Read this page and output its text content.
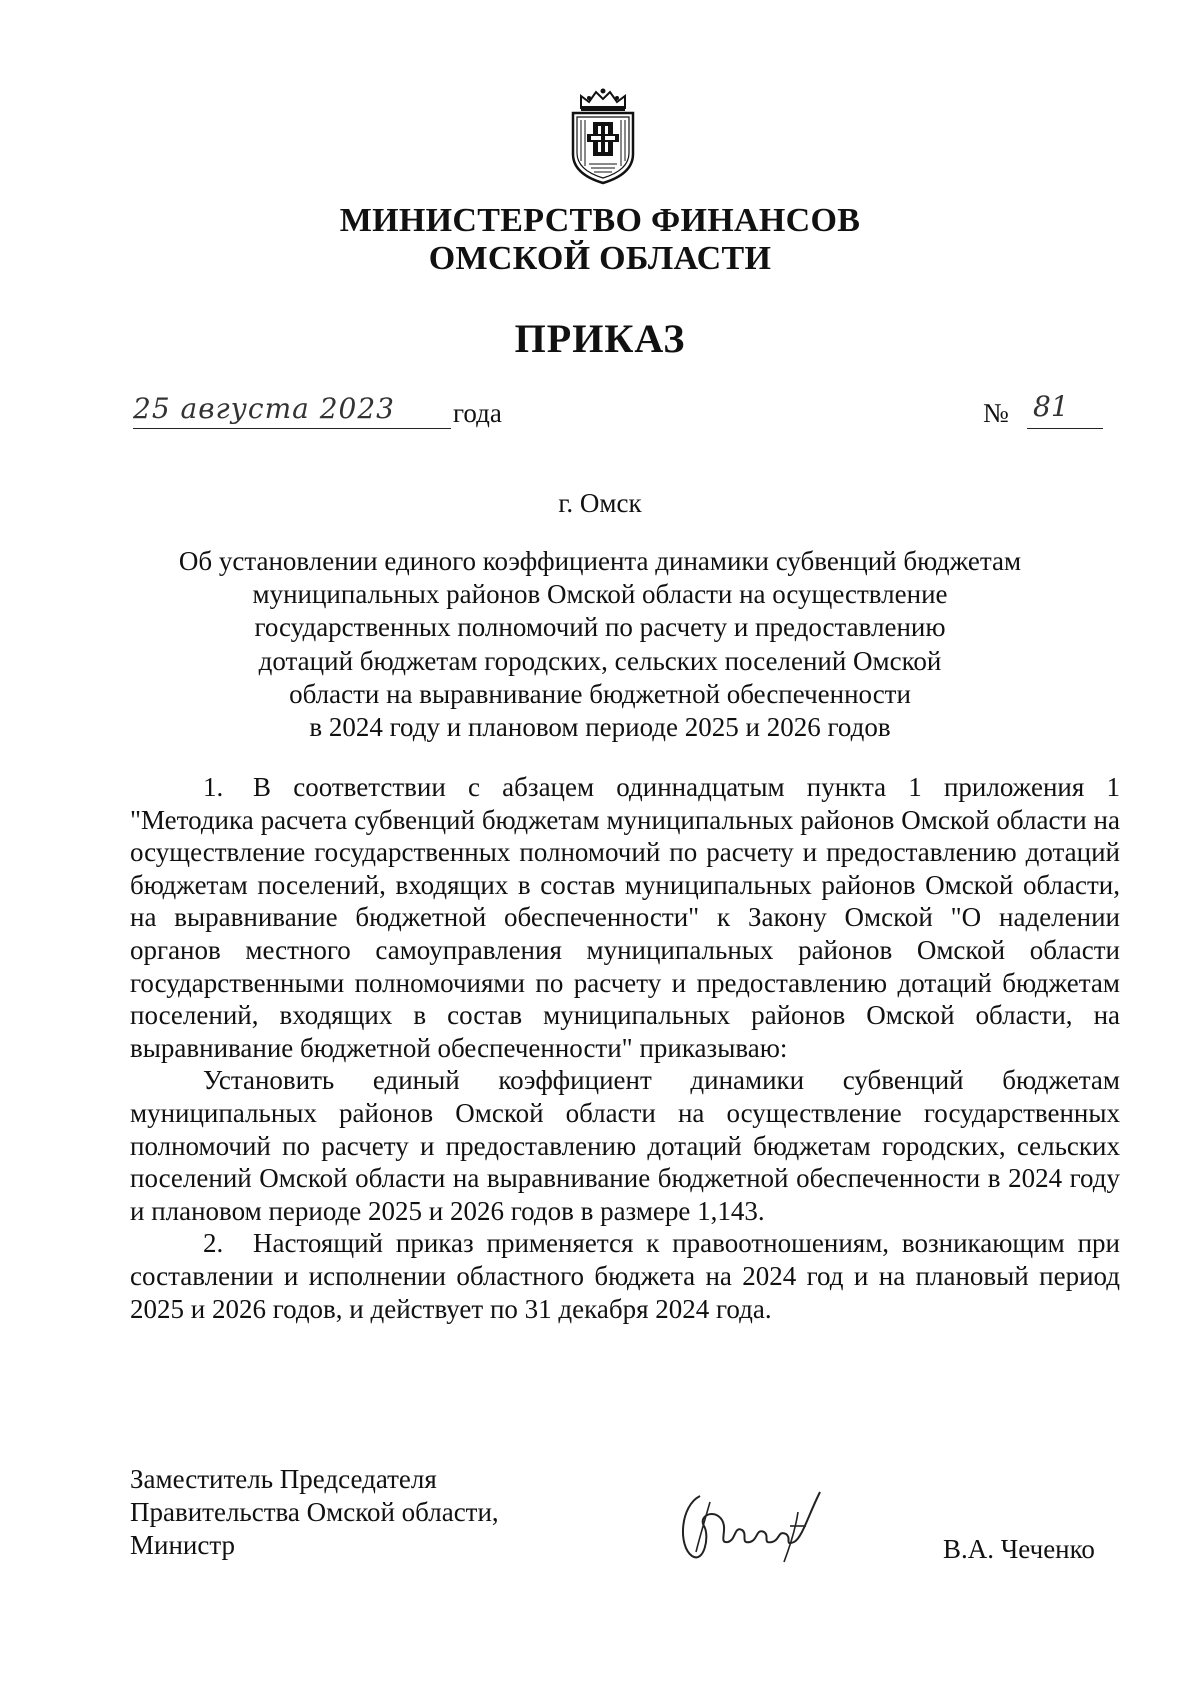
МИНИСТЕРСТВО ФИНАНСОВ
ОМСКОЙ ОБЛАСТИ
ПРИКАЗ
25 августа 2023 года	№ 81
г. Омск
Об установлении единого коэффициента динамики субвенций бюджетам
муниципальных районов Омской области на осуществление
государственных полномочий по расчету и предоставлению
дотаций бюджетам городских, сельских поселений Омской
области на выравнивание бюджетной обеспеченности
в 2024 году и плановом периоде 2025 и 2026 годов

1. В соответствии с абзацем одиннадцатым пункта 1 приложения 1 "Методика расчета субвенций бюджетам муниципальных районов Омской области на осуществление государственных полномочий по расчету и предоставлению дотаций бюджетам поселений, входящих в состав муниципальных районов Омской области, на выравнивание бюджетной обеспеченности" к Закону Омской "О наделении органов местного самоуправления муниципальных районов Омской области государственными полномочиями по расчету и предоставлению дотаций бюджетам поселений, входящих в состав муниципальных районов Омской области, на выравнивание бюджетной обеспеченности" приказываю:

Установить единый коэффициент динамики субвенций бюджетам муниципальных районов Омской области на осуществление государственных полномочий по расчету и предоставлению дотаций бюджетам городских, сельских поселений Омской области на выравнивание бюджетной обеспеченности в 2024 году и плановом периоде 2025 и 2026 годов в размере 1,143.

2. Настоящий приказ применяется к правоотношениям, возникающим при составлении и исполнении областного бюджета на 2024 год и на плановый период 2025 и 2026 годов, и действует по 31 декабря 2024 года.

Заместитель Председателя
Правительства Омской области,
Министр	В.А. Чеченко
